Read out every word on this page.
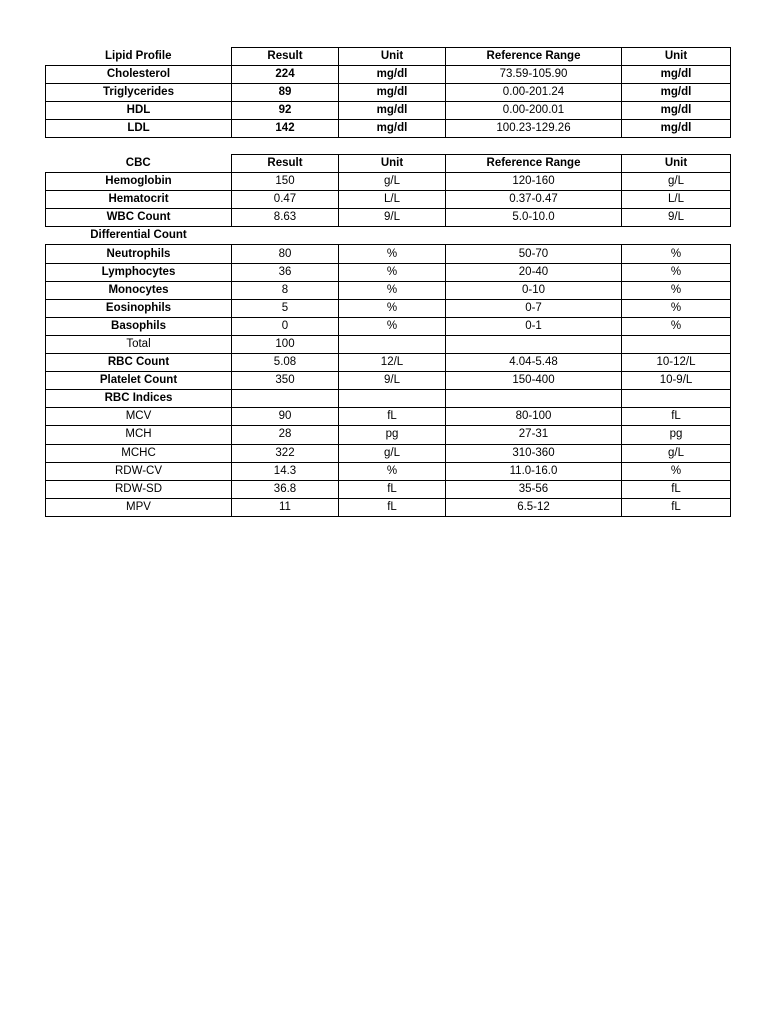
Lipid Profile	Result	Unit	Reference Range	Unit
Cholesterol	224	mg/dl	73.59-105.90	mg/dl
Triglycerides	89	mg/dl	0.00-201.24	mg/dl
HDL	92	mg/dl	0.00-200.01	mg/dl
LDL	142	mg/dl	100.23-129.26	mg/dl
CBC	Result	Unit	Reference Range	Unit
Hemoglobin	150	g/L	120-160	g/L
Hematocrit	0.47	L/L	0.37-0.47	L/L
WBC Count	8.63	9/L	5.0-10.0	9/L
Differential Count				
Neutrophils	80	%	50-70	%
Lymphocytes	36	%	20-40	%
Monocytes	8	%	0-10	%
Eosinophils	5	%	0-7	%
Basophils	0	%	0-1	%
Total	100			
RBC Count	5.08	12/L	4.04-5.48	10-12/L
Platelet Count	350	9/L	150-400	10-9/L
RBC Indices				
MCV	90	fL	80-100	fL
MCH	28	pg	27-31	pg
MCHC	322	g/L	310-360	g/L
RDW-CV	14.3	%	11.0-16.0	%
RDW-SD	36.8	fL	35-56	fL
MPV	11	fL	6.5-12	fL
